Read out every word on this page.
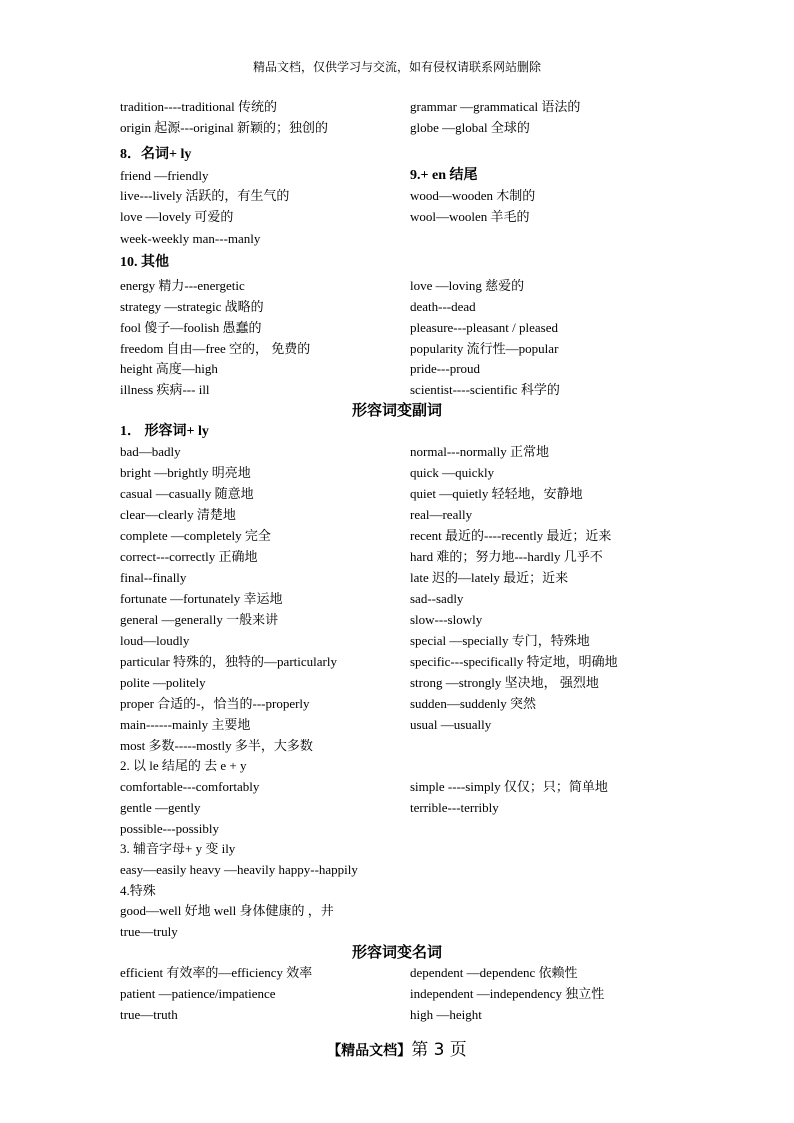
精品文档，仅供学习与交流，如有侵权请联系网站删除
tradition----traditional 传统的	grammar —grammatical 语法的
origin 起源---original 新颖的；独创的	globe —global 全球的
8．名词+ ly
friend —friendly	9.+ en 结尾
live---lively 活跃的，有生气的	wood—wooden 木制的
love —lovely 可爱的	wool—woolen 羊毛的
week-weekly man---manly
10. 其他
energy 精力---energetic	love —loving 慈爱的
strategy —strategic 战略的	death---dead
fool 傻子—foolish 愚蠢的	pleasure---pleasant / pleased
freedom 自由—free 空的， 免费的	popularity 流行性—popular
height 高度—high	pride---proud
illness 疾病--- ill	scientist----scientific 科学的
形容词变副词
1． 形容词+ ly
bad—badly	normal---normally 正常地
bright —brightly 明亮地	quick —quickly
casual —casually 随意地	quiet —quietly 轻轻地，安静地
clear—clearly 清楚地	real—really
complete —completely 完全	recent 最近的----recently 最近；近来
correct---correctly 正确地	hard 难的；努力地---hardly 几乎不
final--finally	late 迟的—lately 最近；近来
fortunate —fortunately 幸运地	sad--sadly
general —generally 一般来讲	slow---slowly
loud—loudly	special —specially 专门，特殊地
particular 特殊的，独特的—particularly	specific---specifically 特定地，明确地
polite —politely	strong —strongly 坚决地， 强烈地
proper 合适的-，恰当的---properly	sudden—suddenly 突然
main------mainly 主要地	usual —usually
most 多数-----mostly 多半，大多数
2. 以 le 结尾的 去 e + y
comfortable---comfortably	simple ----simply 仅仅；只；简单地
gentle —gently	terrible---terribly
possible---possibly
3. 辅音字母+ y 变 ily
easy—easily heavy —heavily happy--happily
4.特殊
good—well 好地 well 身体健康的 ，井
true—truly
形容词变名词
efficient 有效率的—efficiency 效率	dependent —dependenc 依赖性
patient —patience/impatience	independent —independency 独立性
true—truth	high —height
【精品文档】第 3 页
